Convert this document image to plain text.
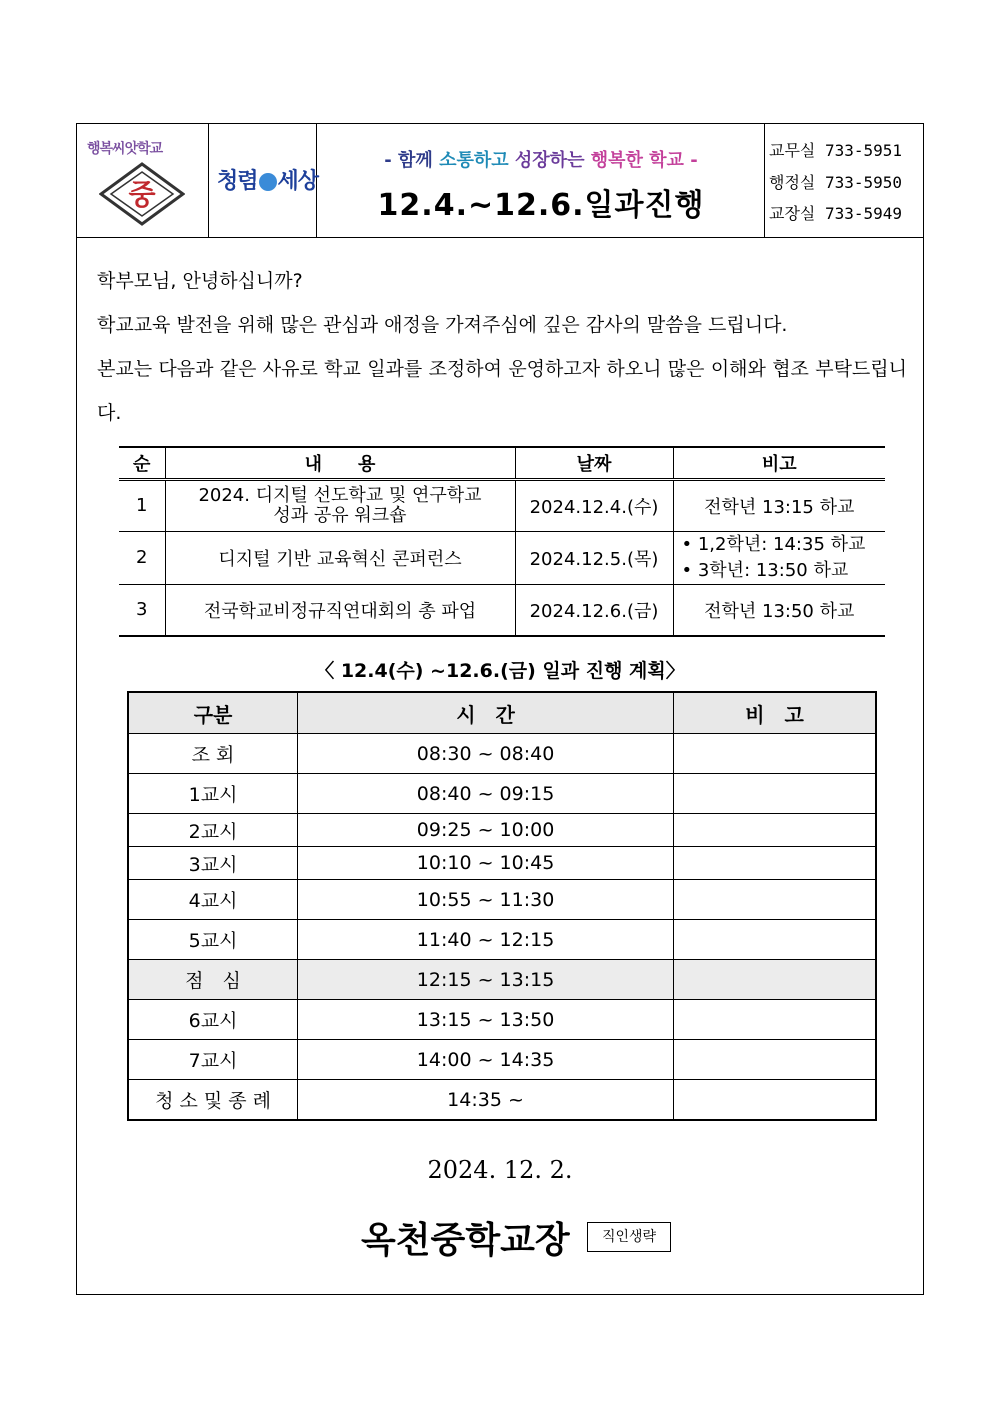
행복씨앗학교
중	청렴 세상
- 함께 소통하고 성장하는 행복한 학교 -
12.4.~12.6.일과진행
교무실 733-5951
행정실 733-5950
교장실 733-5949

학부모님, 안녕하십니까?

학교교육 발전을 위해 많은 관심과 애정을 가져주심에 깊은 감사의 말씀을 드립니다.

본교는 다음과 같은 사유로 학교 일과를 조정하여 운영하고자 하오니 많은 이해와 협조 부탁드립니다.

순	내　　용	날짜	비고
1	2024. 디지털 선도학교 및 연구학교
성과 공유 워크숍	2024.12.4.(수)	전학년 13:15 하교
2	디지털 기반 교육혁신 콘퍼런스	2024.12.5.(목)	• 1,2학년: 14:35 하교
• 3학년: 13:50 하교

3	전국학교비정규직연대회의 총 파업	2024.12.6.(금)	전학년 13:50 하교
〈 12.4(수) ~12.6.(금) 일과 진행 계획〉
구분	시　간	비　고
조 회	08:30 ~ 08:40	
1교시	08:40 ~ 09:15	
2교시	09:25 ~ 10:00	
3교시	10:10 ~ 10:45	
4교시	10:55 ~ 11:30	
5교시	11:40 ~ 12:15	
점　심	12:15 ~ 13:15	
6교시	13:15 ~ 13:50	
7교시	14:00 ~ 14:35	
청 소 및 종 례	14:35 ~	
2024. 12. 2.
옥천중학교장	직인생략
